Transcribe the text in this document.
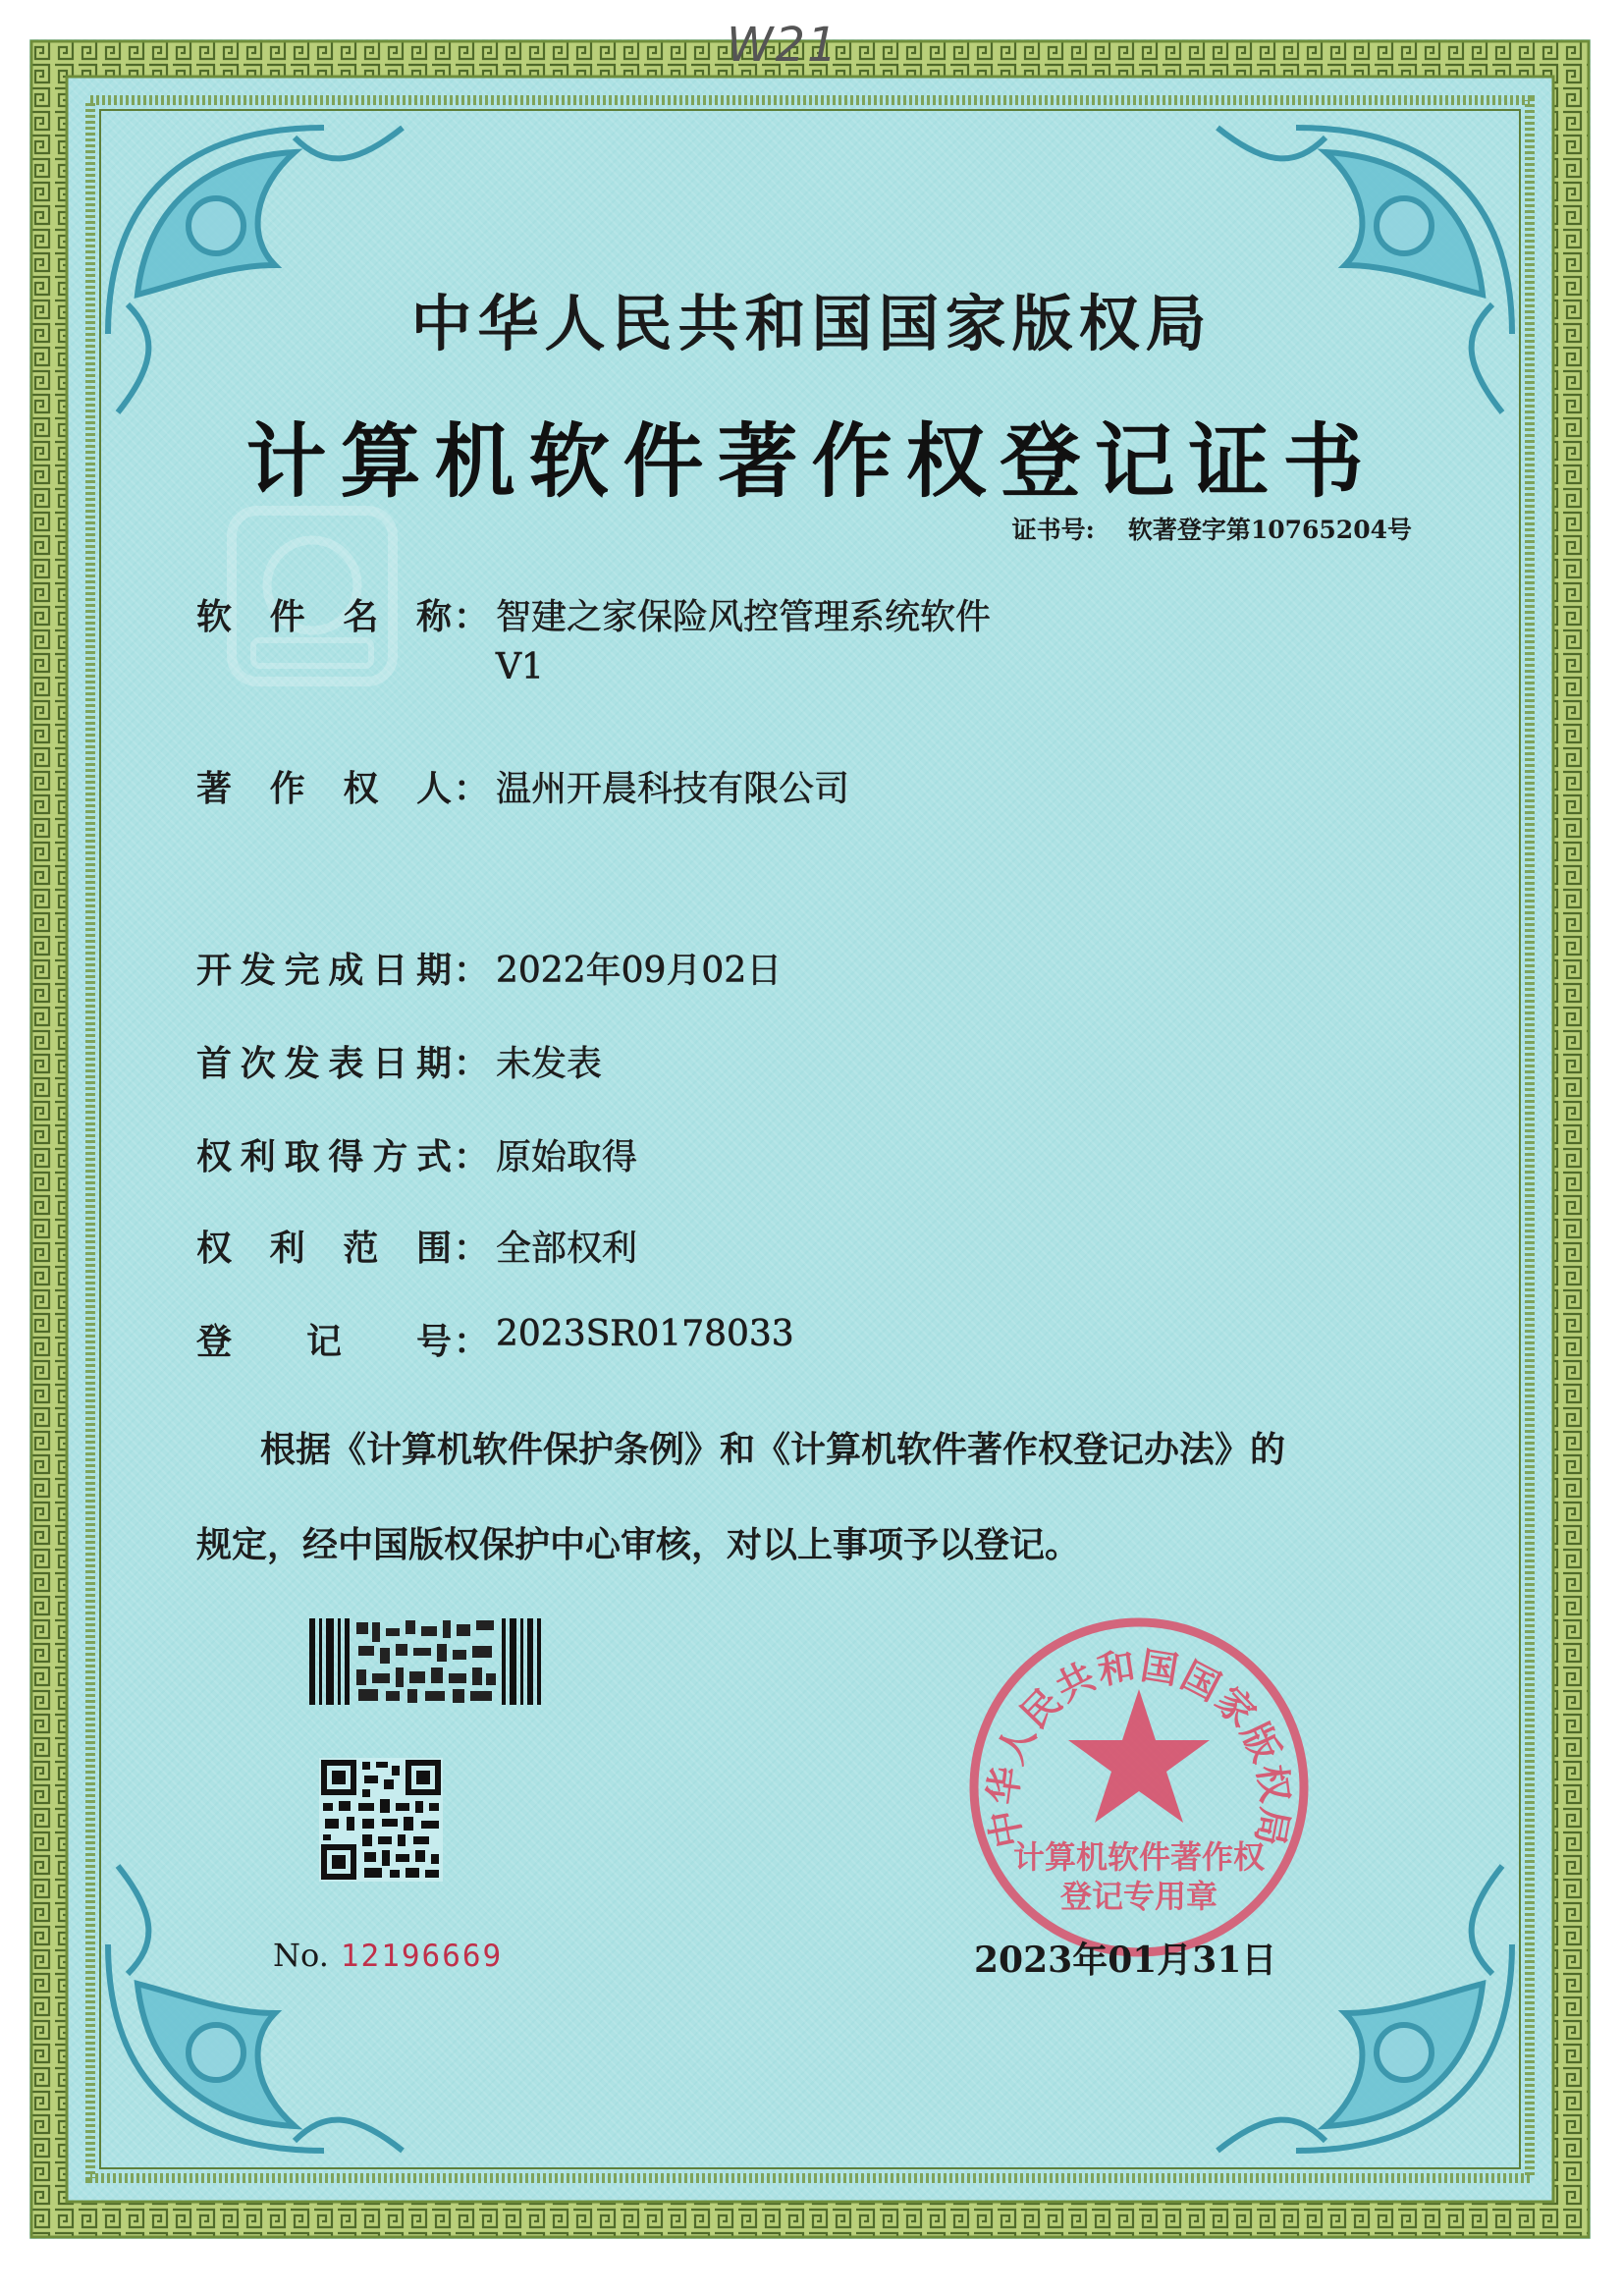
W21
中华人民共和国国家版权局
计算机软件著作权登记证书
证书号: 软著登字第10765204号
软件名称 ： 智建之家保险风控管理系统软件
V1
著作权人 ： 温州开晨科技有限公司
开发完成日期 ： 2022年09月02日
首次发表日期 ： 未发表
权利取得方式 ： 原始取得
权利范围 ： 全部权利
登记号 ： 2023SR0178033
根据《计算机软件保护条例》和《计算机软件著作权登记办法》的
规定，经中国版权保护中心审核，对以上事项予以登记。
No. 12196669
中华人民共和国国家版权局
计算机软件著作权
登记专用章
2023年01月31日
